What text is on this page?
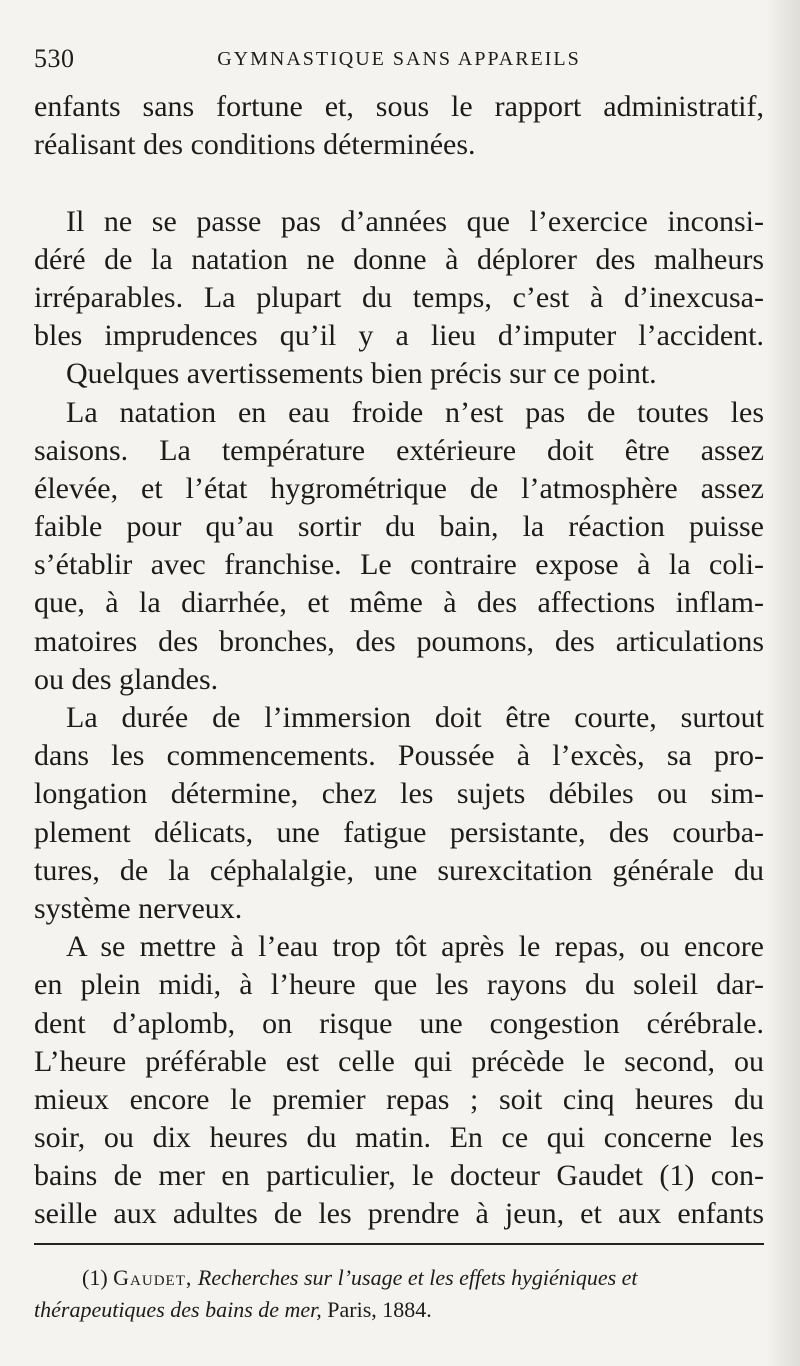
530	GYMNASTIQUE SANS APPAREILS
enfants sans fortune et, sous le rapport administratif,
réalisant des conditions déterminées.
Il ne se passe pas d’années que l’exercice inconsi-
déré de la natation ne donne à déplorer des malheurs
irréparables. La plupart du temps, c’est à d’inexcusa-
bles imprudences qu’il y a lieu d’imputer l’accident.
Quelques avertissements bien précis sur ce point.
La natation en eau froide n’est pas de toutes les
saisons. La température extérieure doit être assez
élevée, et l’état hygrométrique de l’atmosphère assez
faible pour qu’au sortir du bain, la réaction puisse
s’établir avec franchise. Le contraire expose à la coli-
que, à la diarrhée, et même à des affections inflam-
matoires des bronches, des poumons, des articulations
ou des glandes.
La durée de l’immersion doit être courte, surtout
dans les commencements. Poussée à l’excès, sa pro-
longation détermine, chez les sujets débiles ou sim-
plement délicats, une fatigue persistante, des courba-
tures, de la céphalalgie, une surexcitation générale du
système nerveux.
A se mettre à l’eau trop tôt après le repas, ou encore
en plein midi, à l’heure que les rayons du soleil dar-
dent d’aplomb, on risque une congestion cérébrale.
L’heure préférable est celle qui précède le second, ou
mieux encore le premier repas ; soit cinq heures du
soir, ou dix heures du matin. En ce qui concerne les
bains de mer en particulier, le docteur Gaudet (1) con-
seille aux adultes de les prendre à jeun, et aux enfants
(1) Gaudet, Recherches sur l’usage et les effets hygiéniques et
thérapeutiques des bains de mer, Paris, 1884.
